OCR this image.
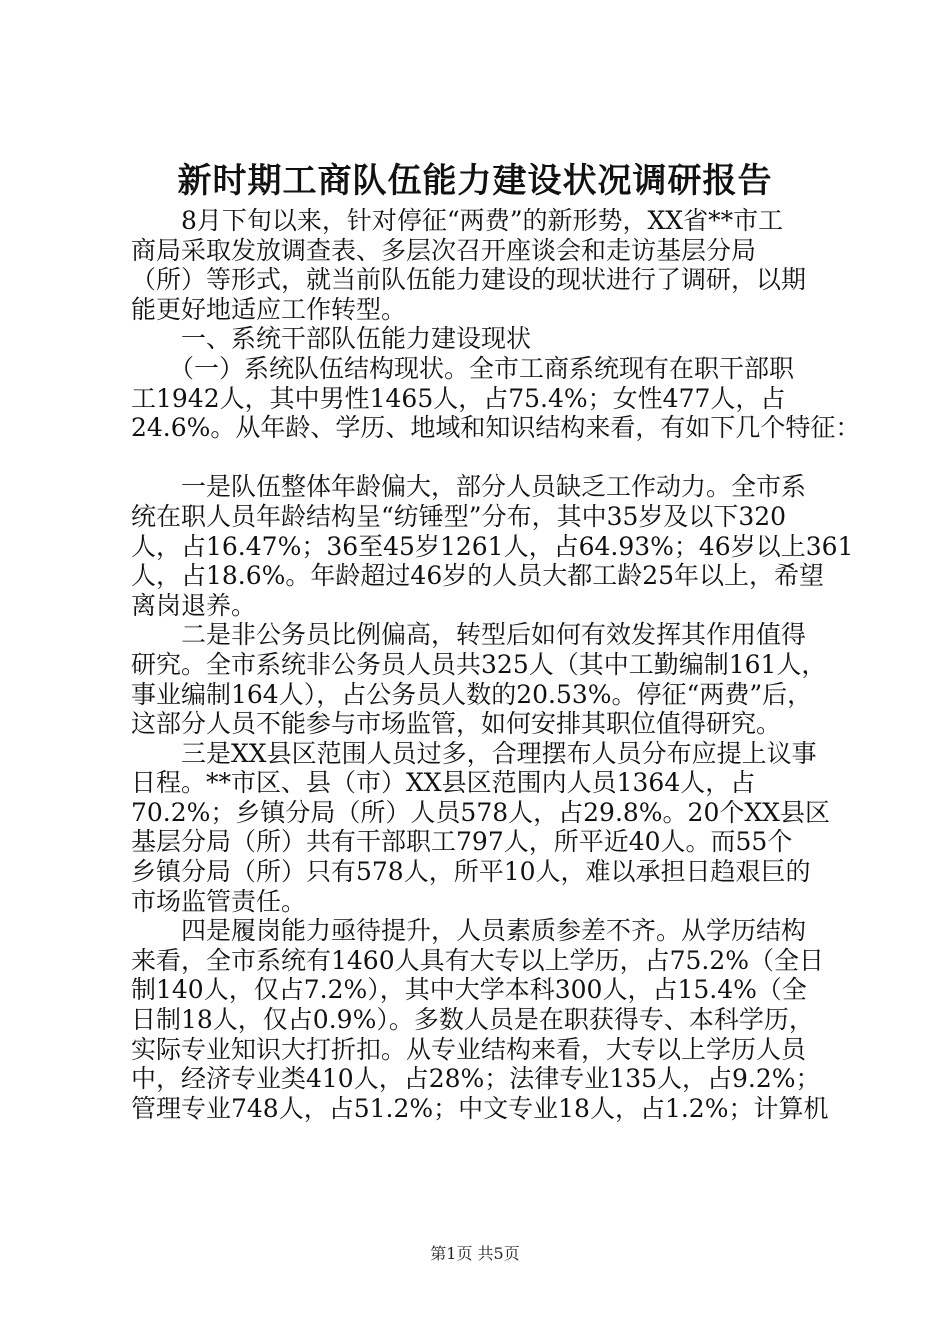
新时期工商队伍能力建设状况调研报告
8月下旬以来，针对停征“两费”的新形势，XX省**市工
商局采取发放调查表、多层次召开座谈会和走访基层分局
（所）等形式，就当前队伍能力建设的现状进行了调研，以期
能更好地适应工作转型。
一、系统干部队伍能力建设现状
（一）系统队伍结构现状。全市工商系统现有在职干部职
工1942人，其中男性1465人，占75.4%；女性477人，占
24.6%。从年龄、学历、地域和知识结构来看，有如下几个特征：
一是队伍整体年龄偏大，部分人员缺乏工作动力。全市系
统在职人员年龄结构呈“纺锤型”分布，其中35岁及以下320
人，占16.47%；36至45岁1261人，占64.93%；46岁以上361
人，占18.6%。年龄超过46岁的人员大都工龄25年以上，希望
离岗退养。
二是非公务员比例偏高，转型后如何有效发挥其作用值得
研究。全市系统非公务员人员共325人（其中工勤编制161人，
事业编制164人），占公务员人数的20.53%。停征“两费”后，
这部分人员不能参与市场监管，如何安排其职位值得研究。
三是XX县区范围人员过多，合理摆布人员分布应提上议事
日程。**市区、县（市）XX县区范围内人员1364人，占
70.2%；乡镇分局（所）人员578人，占29.8%。20个XX县区
基层分局（所）共有干部职工797人，所平近40人。而55个
乡镇分局（所）只有578人，所平10人，难以承担日趋艰巨的
市场监管责任。
四是履岗能力亟待提升，人员素质参差不齐。从学历结构
来看，全市系统有1460人具有大专以上学历，占75.2%（全日
制140人，仅占7.2%），其中大学本科300人，占15.4%（全
日制18人，仅占0.9%）。多数人员是在职获得专、本科学历，
实际专业知识大打折扣。从专业结构来看，大专以上学历人员
中，经济专业类410人，占28%；法律专业135人，占9.2%；
管理专业748人，占51.2%；中文专业18人，占1.2%；计算机
第1页 共5页
